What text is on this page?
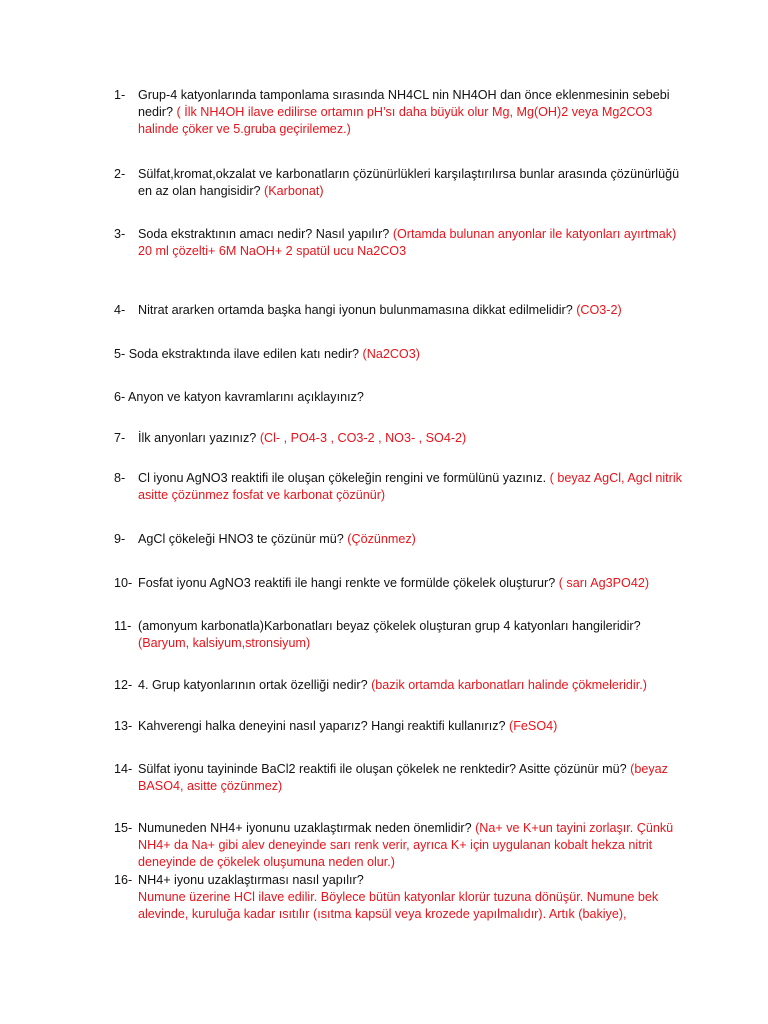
1- Grup-4 katyonlarında tamponlama sırasında NH4CL nin NH4OH dan önce eklenmesinin sebebi nedir? ( İlk NH4OH ilave edilirse ortamın pH’sı daha büyük olur Mg, Mg(OH)2 veya Mg2CO3 halinde çöker ve 5.gruba geçirilemez.)
2- Sülfat,kromat,okzalat ve karbonatların çözünürlükleri karşılaştırılırsa bunlar arasında çözünürlüğü en az olan hangisidir? (Karbonat)
3- Soda ekstraktının amacı nedir? Nasıl yapılır? (Ortamda bulunan anyonlar ile katyonları ayırtmak)
20 ml çözelti+ 6M NaOH+ 2 spatül ucu Na2CO3
4- Nitrat ararken ortamda başka hangi iyonun bulunmamasına dikkat edilmelidir? (CO3-2)
5- Soda ekstraktında ilave edilen katı nedir? (Na2CO3)
6- Anyon ve katyon kavramlarını açıklayınız?
7- İlk anyonları yazınız? (Cl- , PO4-3 , CO3-2 , NO3- , SO4-2)
8- Cl iyonu AgNO3 reaktifi ile oluşan çökeleğin rengini ve formülünü yazınız. ( beyaz AgCl, Agcl nitrik asitte çözünmez fosfat ve karbonat çözünür)
9- AgCl çökeleği HNO3 te çözünür mü? (Çözünmez)
10- Fosfat iyonu AgNO3 reaktifi ile hangi renkte ve formülde çökelek oluşturur? ( sarı Ag3PO42)
11- (amonyum karbonatla)Karbonatları beyaz çökelek oluşturan grup 4 katyonları hangileridir?(Baryum, kalsiyum,stronsiyum)
12- 4. Grup katyonlarının ortak özelliği nedir? (bazik ortamda karbonatları halinde çökmeleridir.)
13- Kahverengi halka deneyini nasıl yaparız? Hangi reaktifi kullanırız? (FeSO4)
14- Sülfat iyonu tayininde BaCl2 reaktifi ile oluşan çökelek ne renktedir? Asitte çözünür mü? (beyaz BASO4, asitte çözünmez)
15- Numuneden NH4+ iyonunu uzaklaştırmak neden önemlidir? (Na+ ve K+un tayini zorlaşır. Çünkü NH4+ da Na+ gibi alev deneyinde sarı renk verir, ayrıca K+ için uygulanan kobalt hekza nitrit deneyinde de çökelek oluşumuna neden olur.)
16- NH4+ iyonu uzaklaştırması nasıl yapılır?
Numune üzerine HCl ilave edilir. Böylece bütün katyonlar klorür tuzuna dönüşür. Numune bek alevinde, kuruluğa kadar ısıtılır (ısıtma kapsül veya krozede yapılmalıdır). Artık (bakiye),
